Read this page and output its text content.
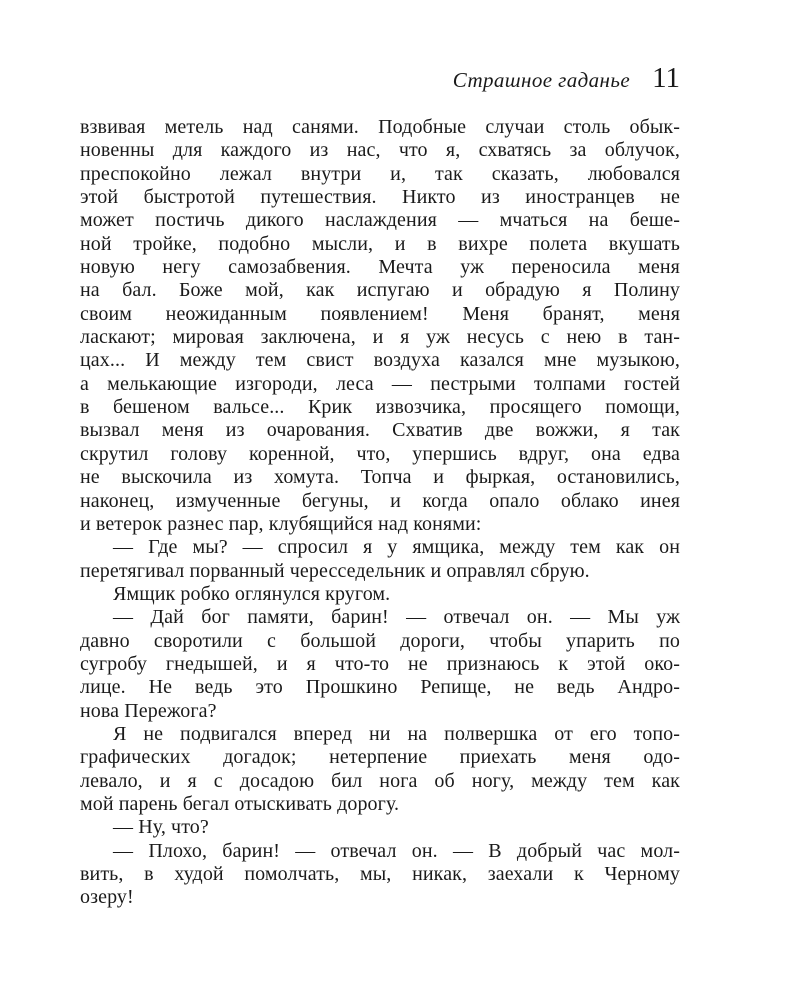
Страшное гаданье 11
взвивая метель над санями. Подобные случаи столь обык-
новенны для каждого из нас, что я, схватясь за облучок,
преспокойно лежал внутри и, так сказать, любовался
этой быстротой путешествия. Никто из иностранцев не
может постичь дикого наслаждения — мчаться на беше-
ной тройке, подобно мысли, и в вихре полета вкушать
новую негу самозабвения. Мечта уж переносила меня
на бал. Боже мой, как испугаю и обрадую я Полину
своим неожиданным появлением! Меня бранят, меня
ласкают; мировая заключена, и я уж несусь с нею в тан-
цах... И между тем свист воздуха казался мне музыкою,
а мелькающие изгороди, леса — пестрыми толпами гостей
в бешеном вальсе... Крик извозчика, просящего помощи,
вызвал меня из очарования. Схватив две вожжи, я так
скрутил голову коренной, что, упершись вдруг, она едва
не выскочила из хомута. Топча и фыркая, остановились,
наконец, измученные бегуны, и когда опало облако инея
и ветерок разнес пар, клубящийся над конями:
— Где мы? — спросил я у ямщика, между тем как он
перетягивал порванный чересседельник и оправлял сбрую.
Ямщик робко оглянулся кругом.
— Дай бог памяти, барин! — отвечал он. — Мы уж
давно своротили с большой дороги, чтобы упарить по
сугробу гнедышей, и я что-то не признаюсь к этой око-
лице. Не ведь это Прошкино Репище, не ведь Андро-
нова Пережога?
Я не подвигался вперед ни на полвершка от его топо-
графических догадок; нетерпение приехать меня одо-
левало, и я с досадою бил нога об ногу, между тем как
мой парень бегал отыскивать дорогу.
— Ну, что?
— Плохо, барин! — отвечал он. — В добрый час мол-
вить, в худой помолчать, мы, никак, заехали к Черному
озеру!
